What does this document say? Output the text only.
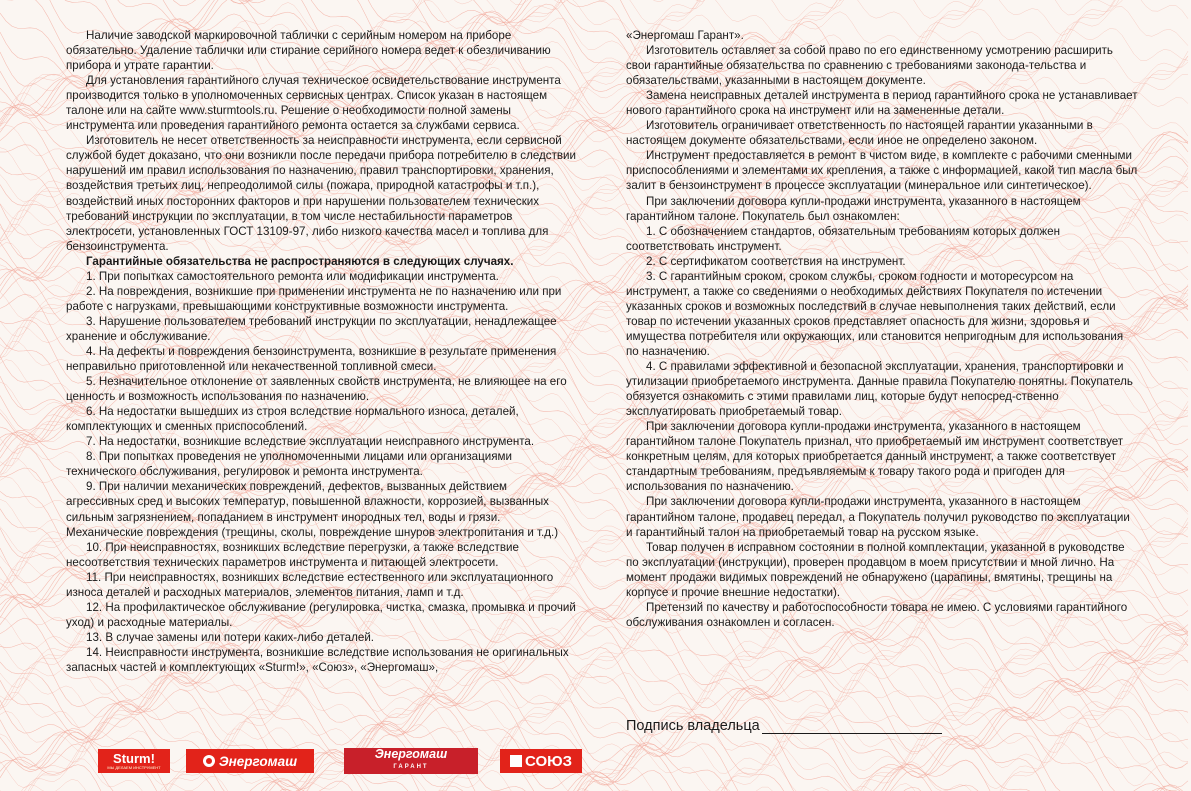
Наличие заводской маркировочной таблички с серийным номером на приборе обязательно. Удаление таблички или стирание серийного номера ведет к обезличиванию прибора и утрате гарантии.

Для установления гарантийного случая техническое освидетельствование инструмента производится только в уполномоченных сервисных центрах. Список указан в настоящем талоне или на сайте www.sturmtools.ru. Решение о необходимости полной замены инструмента или проведения гарантийного ремонта остается за службами сервиса.

Изготовитель не несет ответственность за неисправности инструмента, если сервисной службой будет доказано, что они возникли после передачи прибора потребителю в следствии нарушений им правил использования по назначению, правил транспортировки, хранения, воздействия третьих лиц, непреодолимой силы (пожара, природной катастрофы и т.п.), воздействий иных посторонних факторов и при нарушении пользователем технических требований инструкции по эксплуатации, в том числе нестабильности параметров электросети, установленных ГОСТ 13109-97, либо низкого качества масел и топлива для бензоинструмента.

Гарантийные обязательства не распространяются в следующих случаях.

1. При попытках самостоятельного ремонта или модификации инструмента.

2. На повреждения, возникшие при применении инструмента не по назначению или при работе с нагрузками, превышающими конструктивные возможности инструмента.

3. Нарушение пользователем требований инструкции по эксплуатации, ненадлежащее хранение и обслуживание.

4. На дефекты и повреждения бензоинструмента, возникшие в результате применения неправильно приготовленной или некачественной топливной смеси.

5. Незначительное отклонение от заявленных свойств инструмента, не влияющее на его ценность и возможность использования по назначению.

6. На недостатки вышедших из строя вследствие нормального износа, деталей, комплектующих и сменных приспособлений.

7. На недостатки, возникшие вследствие эксплуатации неисправного инструмента.

8. При попытках проведения не уполномоченными лицами или организациями технического обслуживания, регулировок и ремонта инструмента.

9. При наличии механических повреждений, дефектов, вызванных действием агрессивных сред и высоких температур, повышенной влажности, коррозией, вызванных сильным загрязнением, попаданием в инструмент инородных тел, воды и грязи. Механические повреждения (трещины, сколы, повреждение шнуров электропитания и т.д.)

10. При неисправностях, возникших вследствие перегрузки, а также вследствие несоответствия технических параметров инструмента и питающей электросети.

11. При неисправностях, возникших вследствие естественного или эксплуатационного износа деталей и расходных материалов, элементов питания, ламп и т.д.

12. На профилактическое обслуживание (регулировка, чистка, смазка, промывка и прочий уход) и расходные материалы.

13. В случае замены или потери каких-либо деталей.

14. Неисправности инструмента, возникшие вследствие использования не оригинальных запасных частей и комплектующих «Sturm!», «Союз», «Энергомаш»,

«Энергомаш Гарант».

Изготовитель оставляет за собой право по его единственному усмотрению расширить свои гарантийные обязательства по сравнению с требованиями законода-тельства и обязательствами, указанными в настоящем документе.

Замена неисправных деталей инструмента в период гарантийного срока не устанавливает нового гарантийного срока на инструмент или на замененные детали.

Изготовитель ограничивает ответственность по настоящей гарантии указанными в настоящем документе обязательствами, если иное не определено законом.

Инструмент предоставляется в ремонт в чистом виде, в комплекте с рабочими сменными приспособлениями и элементами их крепления, а также с информацией, какой тип масла был залит в бензоинструмент в процессе эксплуатации (минеральное или синтетическое).

При заключении договора купли-продажи инструмента, указанного в настоящем гарантийном талоне. Покупатель был ознакомлен:

1. С обозначением стандартов, обязательным требованиям которых должен соответствовать инструмент.

2. С сертификатом соответствия на инструмент.

3. С гарантийным сроком, сроком службы, сроком годности и моторесурсом на инструмент, а также со сведениями о необходимых действиях Покупателя по истечении указанных сроков и возможных последствий в случае невыполнения таких действий, если товар по истечении указанных сроков представляет опасность для жизни, здоровья и имущества потребителя или окружающих, или становится непригодным для использования по назначению.

4. С правилами эффективной и безопасной эксплуатации, хранения, транспортировки и утилизации приобретаемого инструмента. Данные правила Покупателю понятны. Покупатель обязуется ознакомить с этими правилами лиц, которые будут непосред-ственно эксплуатировать приобретаемый товар.

При заключении договора купли-продажи инструмента, указанного в настоящем гарантийном талоне Покупатель признал, что приобретаемый им инструмент соответствует конкретным целям, для которых приобретается данный инструмент, а также соответствует стандартным требованиям, предъявляемым к товару такого рода и пригоден для использования по назначению.

При заключении договора купли-продажи инструмента, указанного в настоящем гарантийном талоне, продавец передал, а Покупатель получил руководство по эксплуатации и гарантийный талон на приобретаемый товар на русском языке.

Товар получен в исправном состоянии в полной комплектации, указанной в руководстве по эксплуатации (инструкции), проверен продавцом в моем присутствии и мной лично. На момент продажи видимых повреждений не обнаружено (царапины, вмятины, трещины на корпусе и прочие внешние недостатки).

Претензий по качеству и работоспособности товара не имею. С условиями гарантийного обслуживания ознакомлен и согласен.

Подпись владельца
Sturm!
МЫ ДЕЛАЕМ ИНСТРУМЕНТ	Энергомаш	Энергомаш
ГАРАНТ	СОЮЗ
